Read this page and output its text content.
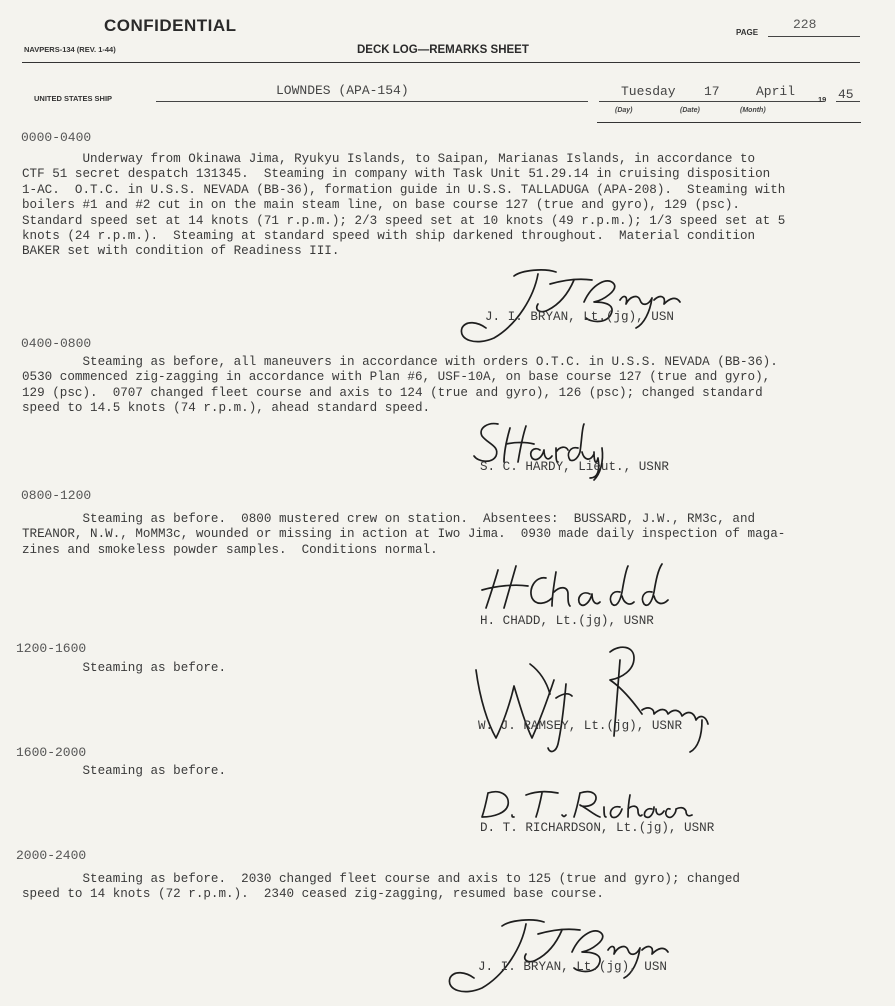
CONFIDENTIAL	PAGE
228
NAVPERS-134 (REV. 1-44)	DECK LOG—REMARKS SHEET
UNITED STATES SHIP
LOWNDES (APA-154)	Tuesday 17	April
19 45
(Day)	(Date)	(Month)
0000-0400
Underway from Okinawa Jima, Ryukyu Islands, to Saipan, Marianas Islands, in accordance to
CTF 51 secret despatch 131345.  Steaming in company with Task Unit 51.29.14 in cruising disposition
1-AC.  O.T.C. in U.S.S. NEVADA (BB-36), formation guide in U.S.S. TALLADUGA (APA-208).  Steaming with
boilers #1 and #2 cut in on the main steam line, on base course 127 (true and gyro), 129 (psc).
Standard speed set at 14 knots (71 r.p.m.); 2/3 speed set at 10 knots (49 r.p.m.); 1/3 speed set at 5
knots (24 r.p.m.).  Steaming at standard speed with ship darkened throughout.  Material condition
BAKER set with condition of Readiness III.
J. I. BRYAN, Lt.(jg), USN
0400-0800
Steaming as before, all maneuvers in accordance with orders O.T.C. in U.S.S. NEVADA (BB-36).
0530 commenced zig-zagging in accordance with Plan #6, USF-10A, on base course 127 (true and gyro),
129 (psc).  0707 changed fleet course and axis to 124 (true and gyro), 126 (psc); changed standard
speed to 14.5 knots (74 r.p.m.), ahead standard speed.
S. C. HARDY, Lieut., USNR
0800-1200
Steaming as before.  0800 mustered crew on station.  Absentees:  BUSSARD, J.W., RM3c, and
TREANOR, N.W., MoMM3c, wounded or missing in action at Iwo Jima.  0930 made daily inspection of maga-
zines and smokeless powder samples.  Conditions normal.
H. CHADD, Lt.(jg), USNR
1200-1600
Steaming as before.
W. J. RAMSEY, Lt.(jg), USNR
1600-2000
Steaming as before.
D. T. RICHARDSON, Lt.(jg), USNR
2000-2400
Steaming as before.  2030 changed fleet course and axis to 125 (true and gyro); changed
speed to 14 knots (72 r.p.m.).  2340 ceased zig-zagging, resumed base course.
J. I. BRYAN, Lt.(jg), USN
